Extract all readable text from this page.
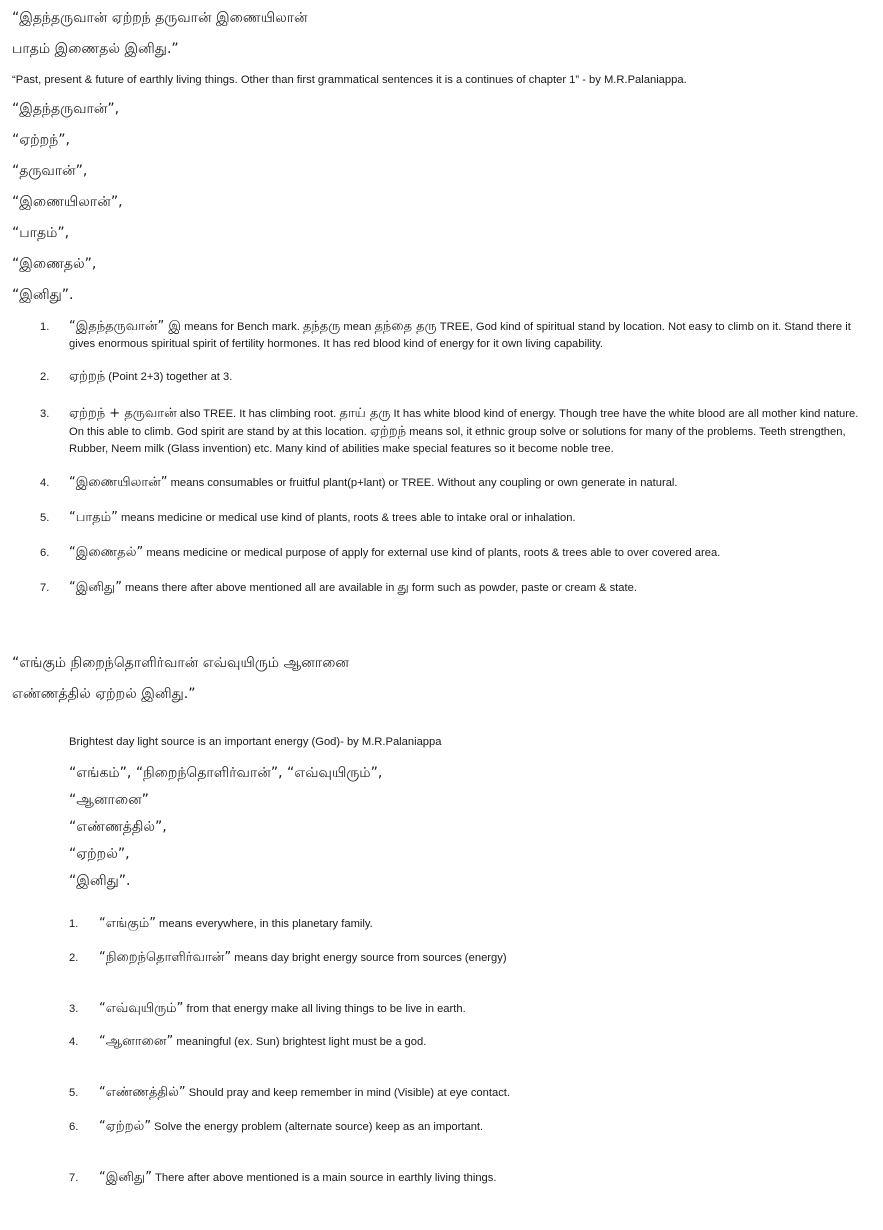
“இதந்தருவான் ஏற்றந் தருவான் இணையிலான்
பாதம் இணைதல் இனிது.”
“Past, present & future of earthly living things. Other than first grammatical sentences it is a continues of chapter 1” - by M.R.Palaniappa.
“இதந்தருவான்”,
“ஏற்றந்”,
“தருவான்”,
“இணையிலான்”,
“பாதம்”,
“இணைதல்”,
“இனிது”.
1. “இதந்தருவான்” இ means for Bench mark. தந்தரு mean தந்தை தரு TREE, God kind of spiritual stand by location. Not easy to climb on it. Stand there it gives enormous spiritual spirit of fertility hormones. It has red blood kind of energy for it own living capability.
2. ஏற்றந் (Point 2+3) together at 3.
3. ஏற்றந் + தருவான் also TREE. It has climbing root. தாய் தரு It has white blood kind of energy. Though tree have the white blood are all mother kind nature. On this able to climb. God spirit are stand by at this location. ஏற்றந் means sol, it ethnic group solve or solutions for many of the problems. Teeth strengthen, Rubber, Neem milk (Glass invention) etc. Many kind of abilities make special features so it become noble tree.
4. “இணையிலான்” means consumables or fruitful plant(p+lant) or TREE. Without any coupling or own generate in natural.
5. “பாதம்” means medicine or medical use kind of plants, roots & trees able to intake oral or inhalation.
6. “இணைதல்” means medicine or medical purpose of apply for external use kind of plants, roots & trees able to over covered area.
7. “இனிது” means there after above mentioned all are available in து form such as powder, paste or cream & state.
“எங்கும் நிறைந்தொளிர்வான் எவ்வுயிரும் ஆனானை
எண்ணத்தில் ஏற்றல் இனிது.”
Brightest day light source is an important energy (God)- by M.R.Palaniappa
“எங்கம்”, “நிறைந்தொளிர்வான்”, “எவ்வுயிரும்”,
“ஆனானை”
“எண்ணத்தில்”,
“ஏற்றல்”,
“இனிது”.
1. “எங்கும்” means everywhere, in this planetary family.
2. “நிறைந்தொளிர்வான்” means day bright energy source from sources (energy)
3. “எவ்வுயிரும்” from that energy make all living things to be live in earth.
4. “ஆனானை” meaningful (ex. Sun) brightest light must be a god.
5. “எண்ணத்தில்” Should pray and keep remember in mind (Visible) at eye contact.
6. “ஏற்றல்” Solve the energy problem (alternate source) keep as an important.
7. “இனிது” There after above mentioned is a main source in earthly living things.
